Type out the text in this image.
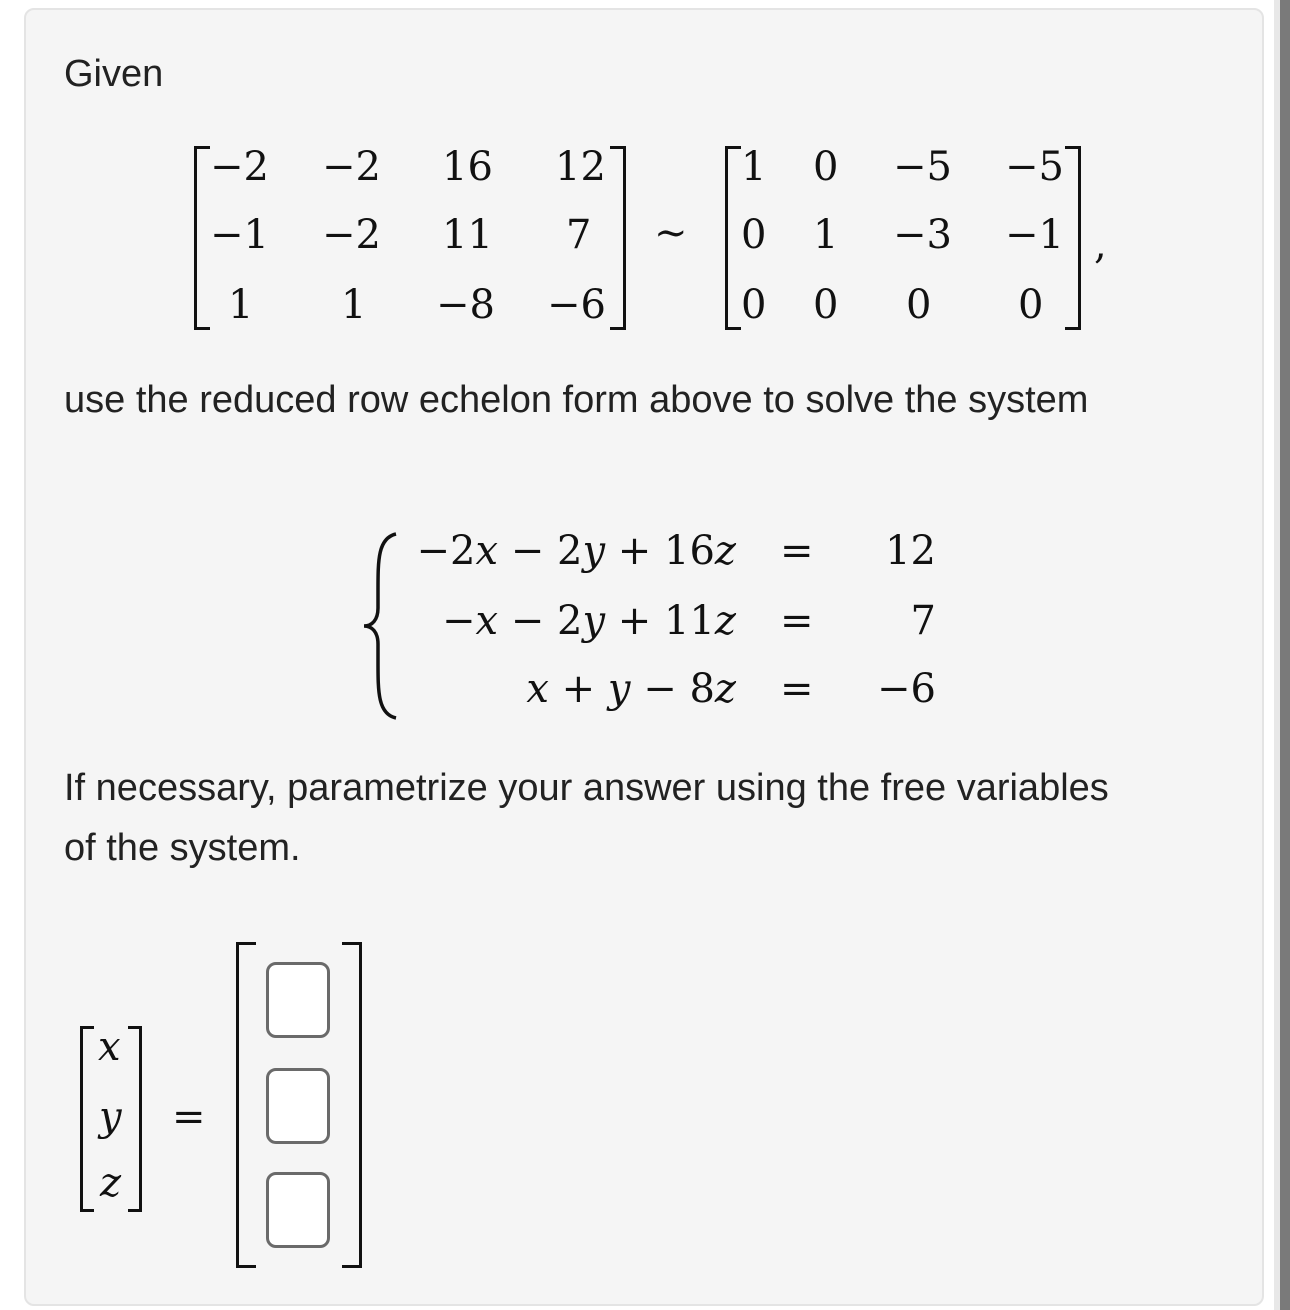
Given
−2 −2 16 12
−1 −2 11 7
1 1 −8 −6
∼
1 0 −5 −5
0 1 −3 −1
0 0 0 0
,
use the reduced row echelon form above to solve the system
−2x − 2y + 16z =	12
−x − 2y + 11z =	7
x + y − 8z =	−6
If necessary, parametrize your answer using the free variables of the system.
x
y
z
=
